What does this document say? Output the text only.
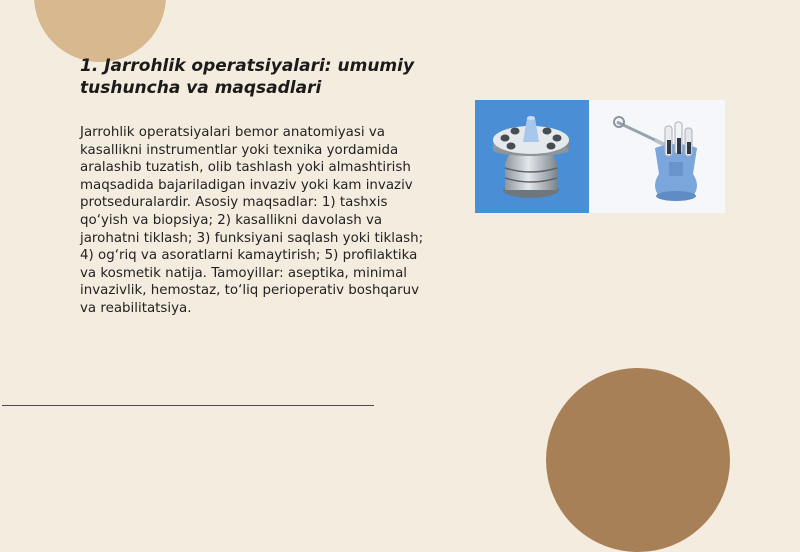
1. Jarrohlik operatsiyalari: umumiy tushuncha va maqsadlari

Jarrohlik operatsiyalari bemor anatomiyasi va kasallikni instrumentlar yoki texnika yordamida aralashib tuzatish, olib tashlash yoki almashtirish maqsadida bajariladigan invaziv yoki kam invaziv protseduralardir. Asosiy maqsadlar: 1) tashxis qo‘yish va biopsiya; 2) kasallikni davolash va jarohatni tiklash; 3) funksiyani saqlash yoki tiklash; 4) og‘riq va asoratlarni kamaytirish; 5) profilaktika va kosmetik natija. Tamoyillar: aseptika, minimal invazivlik, hemostaz, to‘liq perioperativ boshqaruv va reabilitatsiya.
